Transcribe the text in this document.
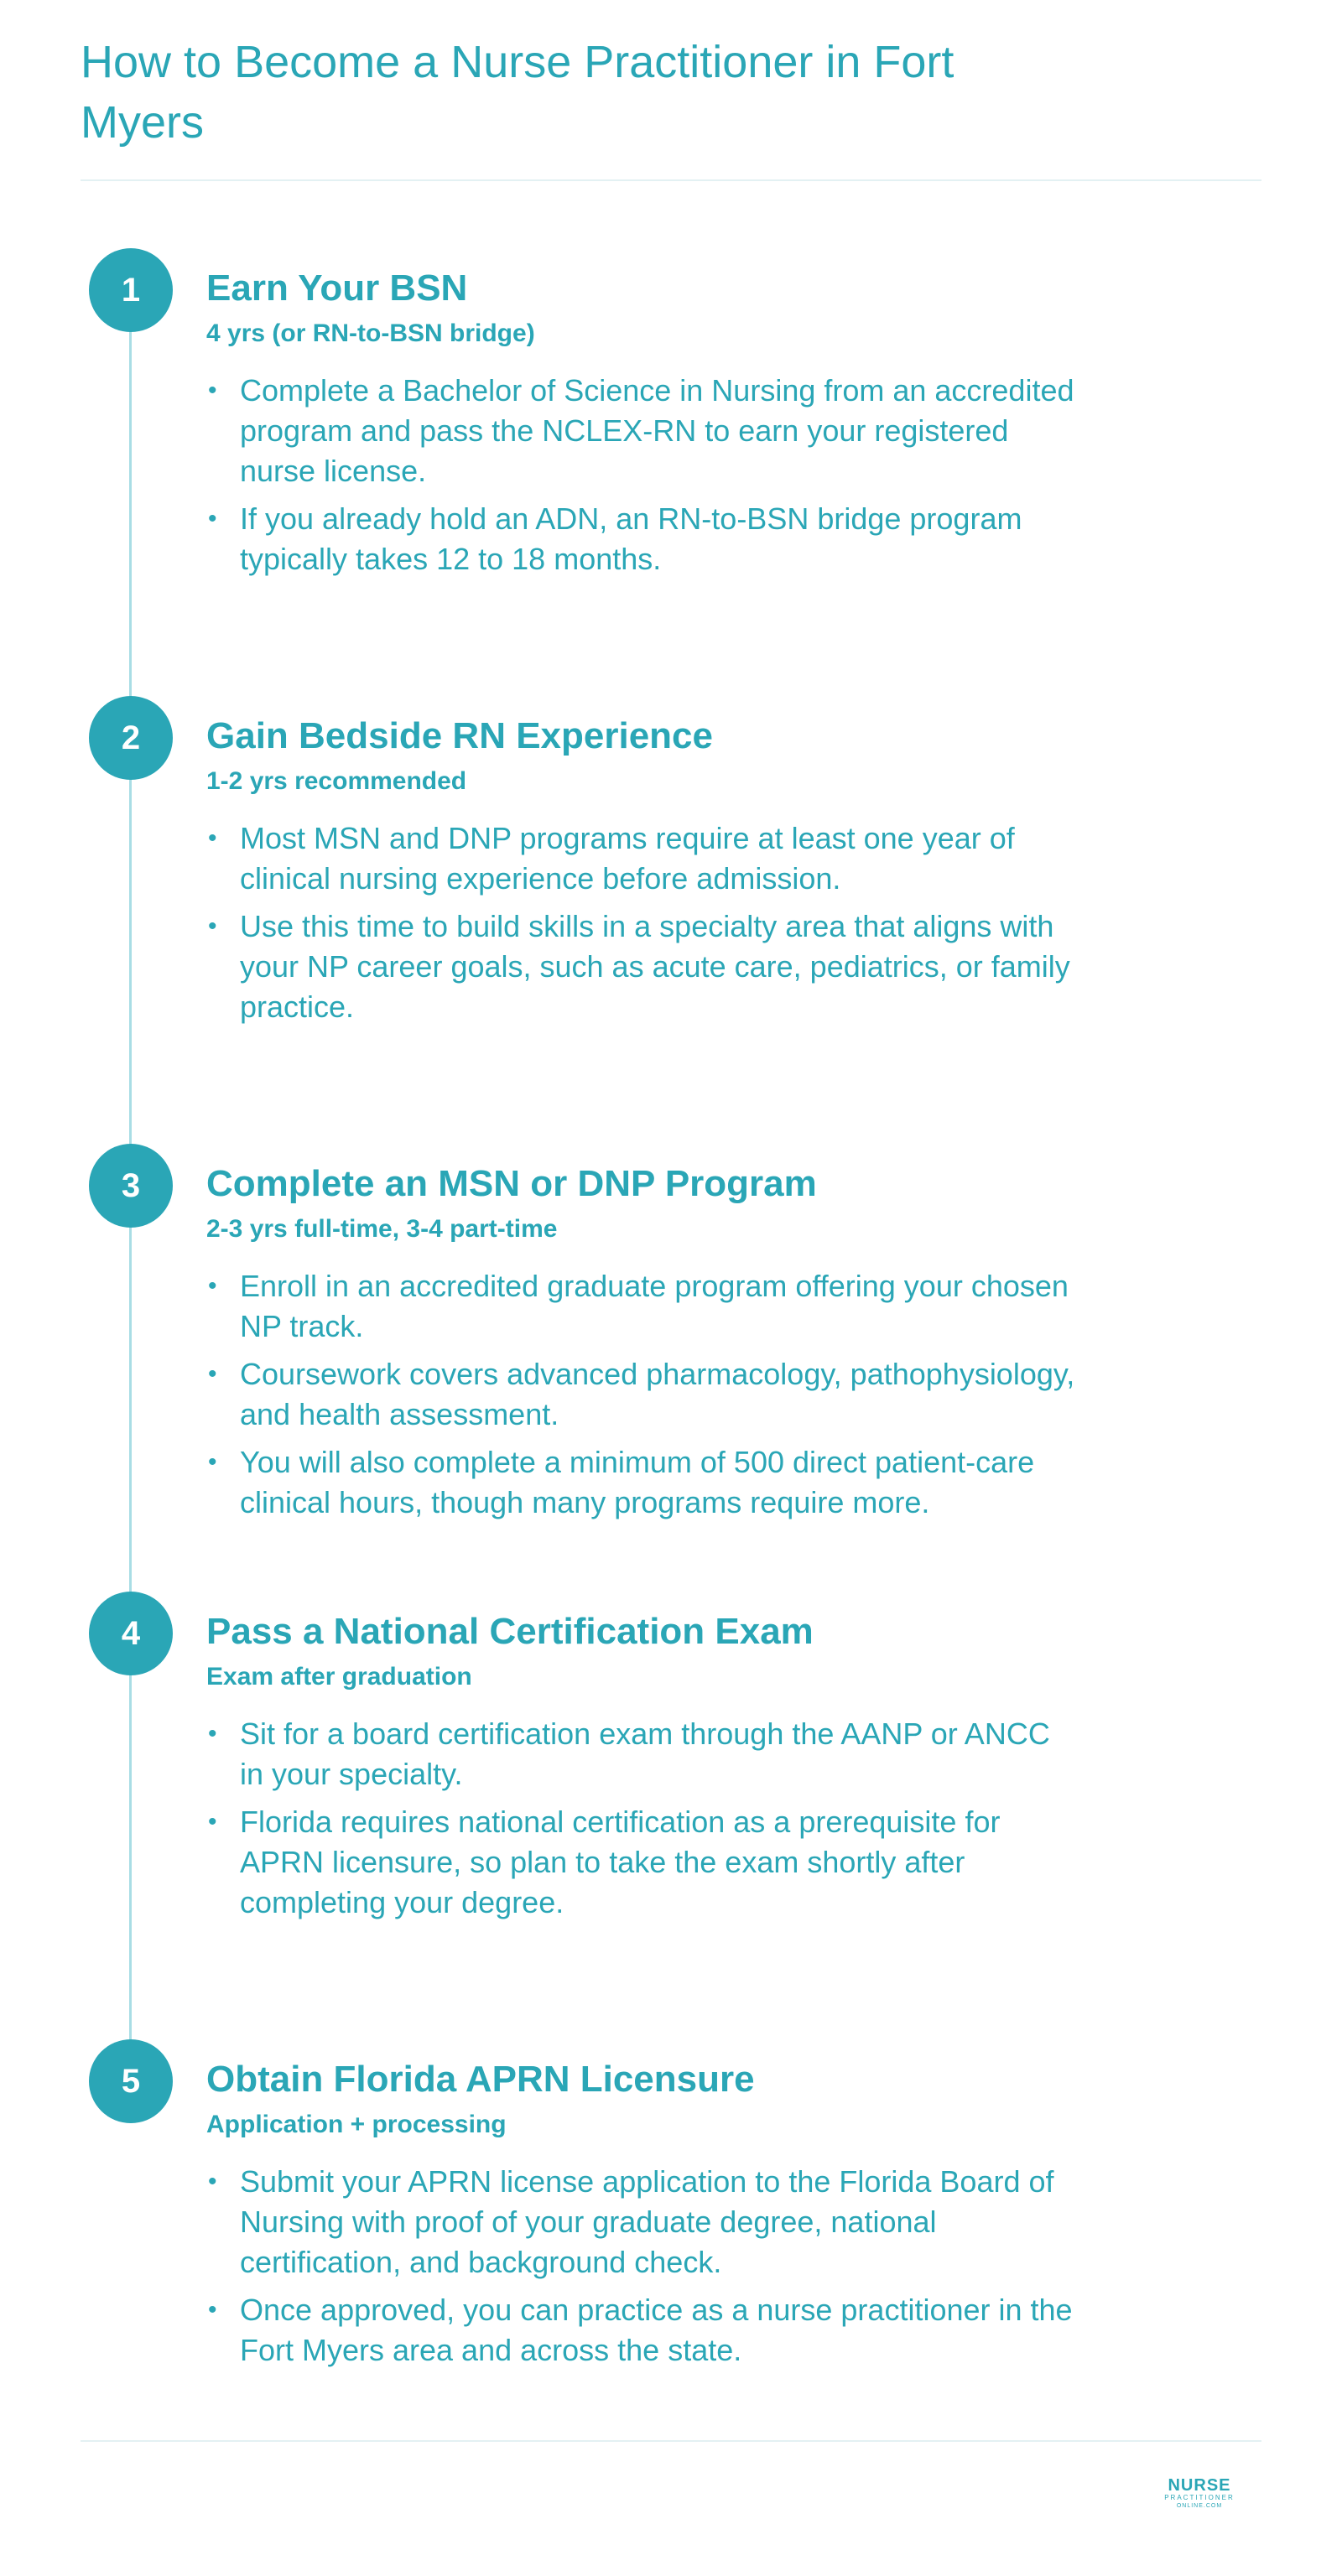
How to Become a Nurse Practitioner in Fort Myers
1	Earn Your BSN
4 yrs (or RN-to-BSN bridge)
• Complete a Bachelor of Science in Nursing from an accredited program and pass the NCLEX-RN to earn your registered nurse license.
• If you already hold an ADN, an RN-to-BSN bridge program typically takes 12 to 18 months.
2	Gain Bedside RN Experience
1-2 yrs recommended
• Most MSN and DNP programs require at least one year of clinical nursing experience before admission.
• Use this time to build skills in a specialty area that aligns with your NP career goals, such as acute care, pediatrics, or family practice.
3	Complete an MSN or DNP Program
2-3 yrs full-time, 3-4 part-time
• Enroll in an accredited graduate program offering your chosen NP track.
• Coursework covers advanced pharmacology, pathophysiology, and health assessment.
• You will also complete a minimum of 500 direct patient-care clinical hours, though many programs require more.
4	Pass a National Certification Exam
Exam after graduation
• Sit for a board certification exam through the AANP or ANCC in your specialty.
• Florida requires national certification as a prerequisite for APRN licensure, so plan to take the exam shortly after completing your degree.
5	Obtain Florida APRN Licensure
Application + processing
• Submit your APRN license application to the Florida Board of Nursing with proof of your graduate degree, national certification, and background check.
• Once approved, you can practice as a nurse practitioner in the Fort Myers area and across the state.
NURSE
PRACTITIONER
ONLINE.COM
